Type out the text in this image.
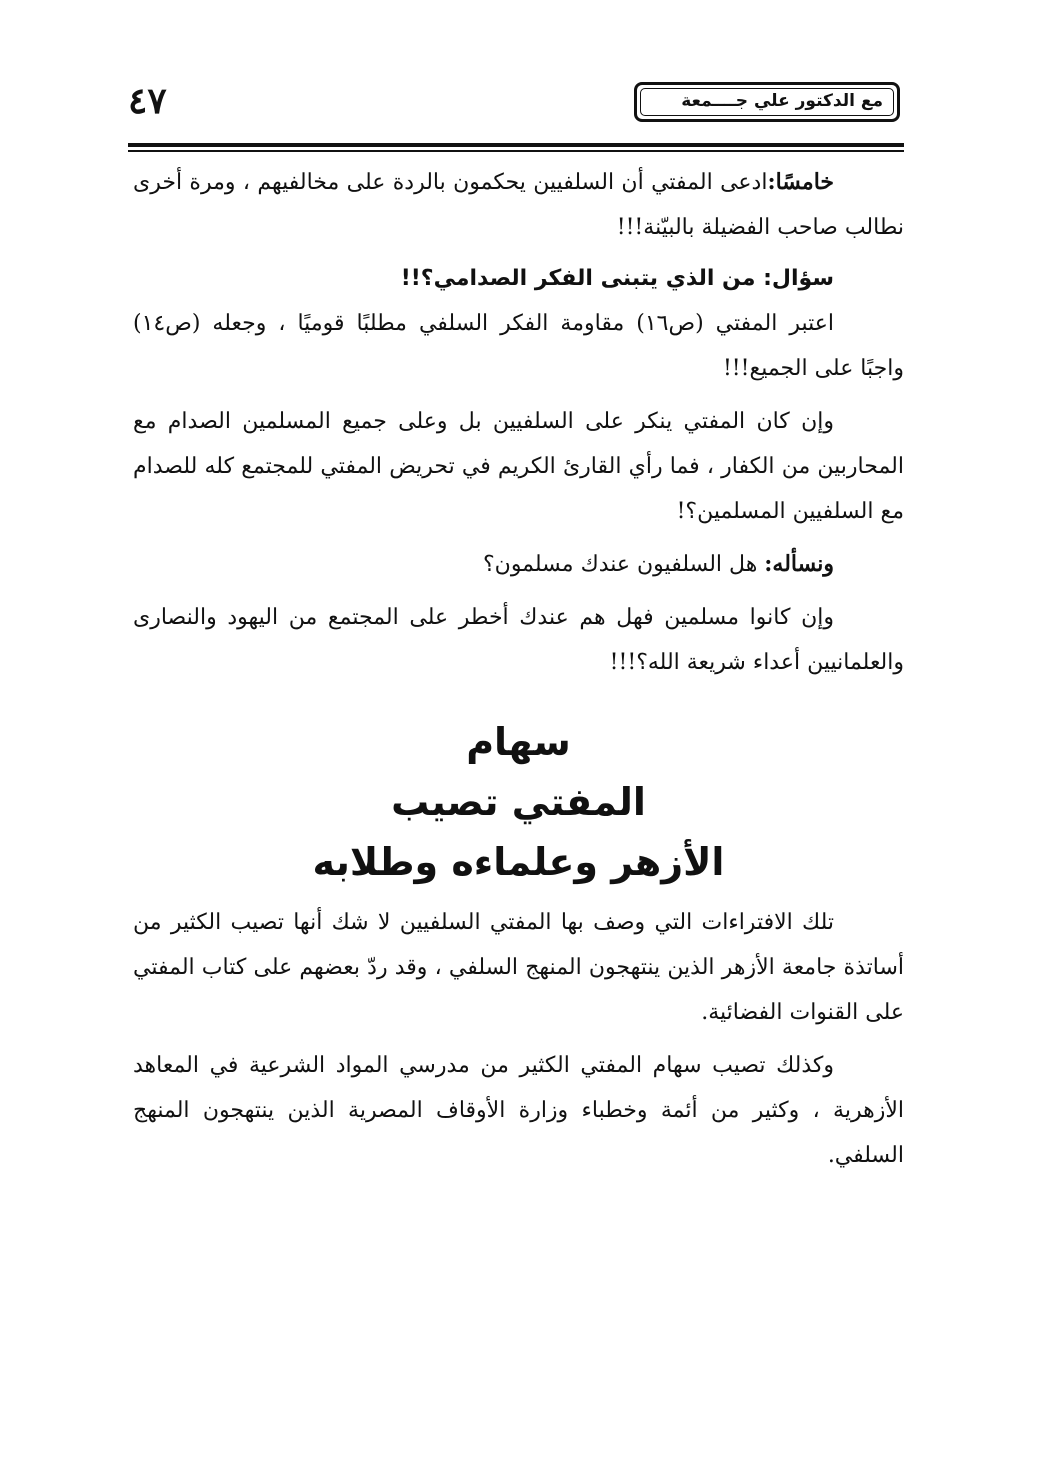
٤٧	مع الدكتور علي جــــمعة

خامسًا:ادعى المفتي أن السلفيين يحكمون بالردة على مخالفيهم ، ومرة أخرى نطالب صاحب الفضيلة بالبيّنة!!!

سؤال: من الذي يتبنى الفكر الصدامي؟!!

اعتبر المفتي (ص١٦) مقاومة الفكر السلفي مطلبًا قوميًا ، وجعله (ص١٤) واجبًا على الجميع!!!

وإن كان المفتي ينكر على السلفيين بل وعلى جميع المسلمين الصدام مع المحاربين من الكفار ، فما رأي القارئ الكريم في تحريض المفتي للمجتمع كله للصدام مع السلفيين المسلمين؟!

ونسأله: هل السلفيون عندك مسلمون؟

وإن كانوا مسلمين فهل هم عندك أخطر على المجتمع من اليهود والنصارى والعلمانيين أعداء شريعة الله؟!!!

سهام
المفتي تصيب
الأزهر وعلماءه وطلابه

تلك الافتراءات التي وصف بها المفتي السلفيين لا شك أنها تصيب الكثير من أساتذة جامعة الأزهر الذين ينتهجون المنهج السلفي ، وقد ردّ بعضهم على كتاب المفتي على القنوات الفضائية.

وكذلك تصيب سهام المفتي الكثير من مدرسي المواد الشرعية في المعاهد الأزهرية ، وكثير من أئمة وخطباء وزارة الأوقاف المصرية الذين ينتهجون المنهج السلفي.
